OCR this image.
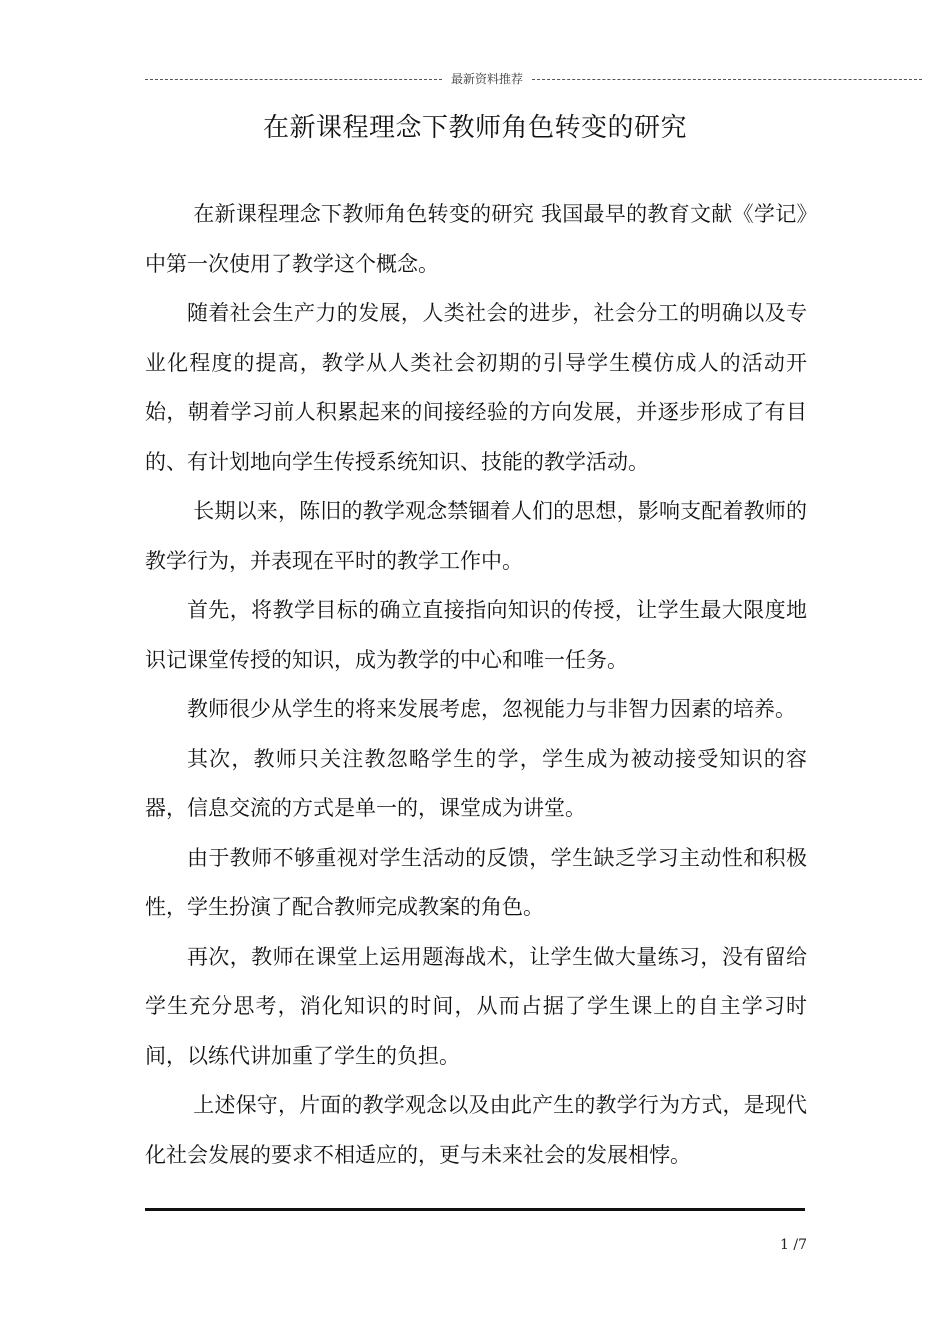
最新资料推荐
在新课程理念下教师角色转变的研究

在新课程理念下教师角色转变的研究 我国最早的教育文献《学记》中第一次使用了教学这个概念。

随着社会生产力的发展，人类社会的进步，社会分工的明确以及专业化程度的提高，教学从人类社会初期的引导学生模仿成人的活动开始，朝着学习前人积累起来的间接经验的方向发展，并逐步形成了有目的、有计划地向学生传授系统知识、技能的教学活动。

长期以来，陈旧的教学观念禁锢着人们的思想，影响支配着教师的教学行为，并表现在平时的教学工作中。

首先，将教学目标的确立直接指向知识的传授，让学生最大限度地识记课堂传授的知识，成为教学的中心和唯一任务。

教师很少从学生的将来发展考虑，忽视能力与非智力因素的培养。

其次，教师只关注教忽略学生的学，学生成为被动接受知识的容器，信息交流的方式是单一的，课堂成为讲堂。

由于教师不够重视对学生活动的反馈，学生缺乏学习主动性和积极性，学生扮演了配合教师完成教案的角色。

再次，教师在课堂上运用题海战术，让学生做大量练习，没有留给学生充分思考，消化知识的时间，从而占据了学生课上的自主学习时间，以练代讲加重了学生的负担。

上述保守，片面的教学观念以及由此产生的教学行为方式，是现代化社会发展的要求不相适应的，更与未来社会的发展相悖。

1 /7
